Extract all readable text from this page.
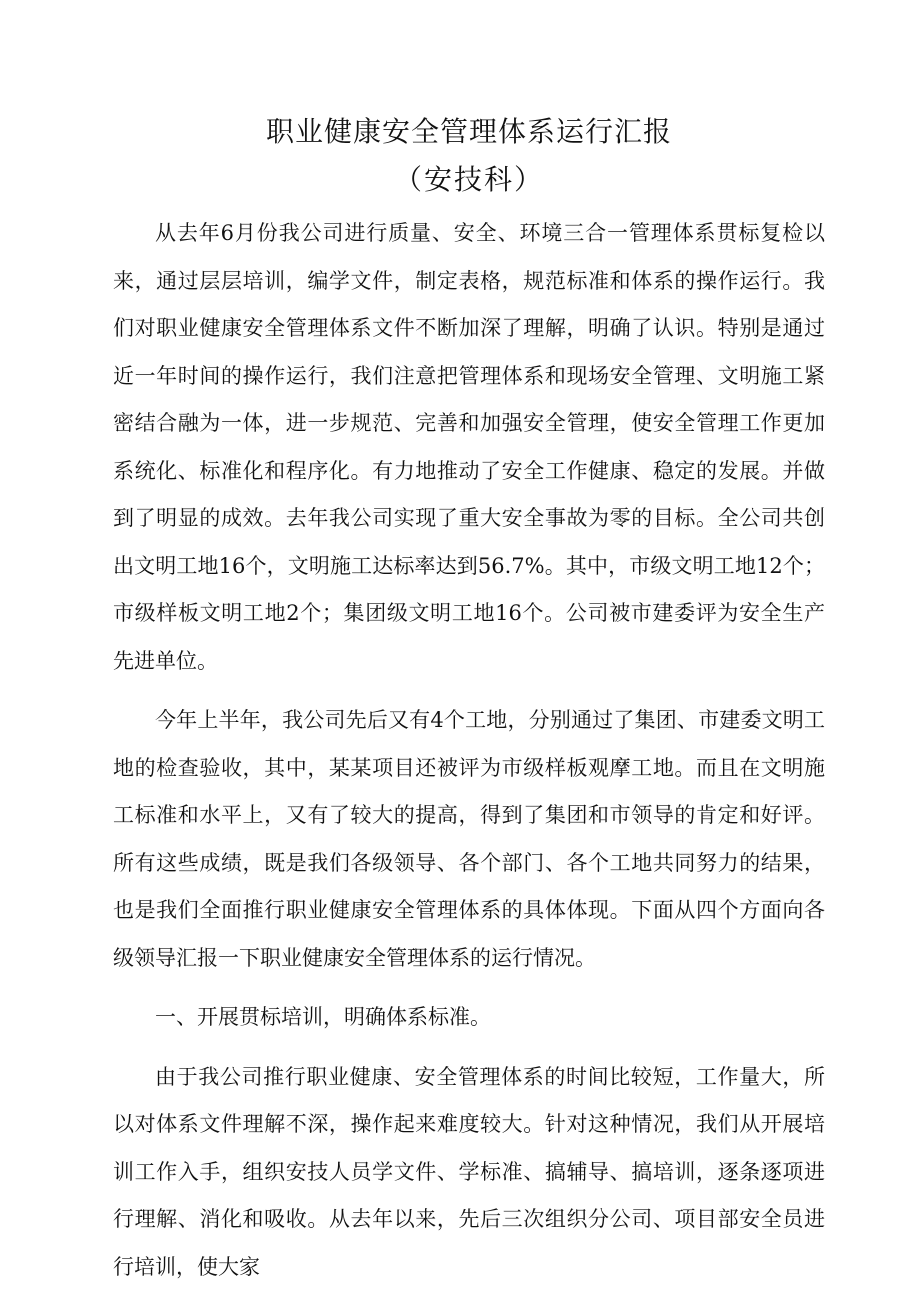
职业健康安全管理体系运行汇报
（安技科）

从去年6月份我公司进行质量、安全、环境三合一管理体系贯标复检以来，通过层层培训，编学文件，制定表格，规范标准和体系的操作运行。我们对职业健康安全管理体系文件不断加深了理解，明确了认识。特别是通过近一年时间的操作运行，我们注意把管理体系和现场安全管理、文明施工紧密结合融为一体，进一步规范、完善和加强安全管理，使安全管理工作更加系统化、标准化和程序化。有力地推动了安全工作健康、稳定的发展。并做到了明显的成效。去年我公司实现了重大安全事故为零的目标。全公司共创出文明工地16个，文明施工达标率达到56.7%。其中，市级文明工地12个；市级样板文明工地2个；集团级文明工地16个。公司被市建委评为安全生产先进单位。

今年上半年，我公司先后又有4个工地，分别通过了集团、市建委文明工地的检查验收，其中，某某项目还被评为市级样板观摩工地。而且在文明施工标准和水平上，又有了较大的提高，得到了集团和市领导的肯定和好评。所有这些成绩，既是我们各级领导、各个部门、各个工地共同努力的结果，也是我们全面推行职业健康安全管理体系的具体体现。下面从四个方面向各级领导汇报一下职业健康安全管理体系的运行情况。

一、开展贯标培训，明确体系标准。

由于我公司推行职业健康、安全管理体系的时间比较短，工作量大，所以对体系文件理解不深，操作起来难度较大。针对这种情况，我们从开展培训工作入手，组织安技人员学文件、学标准、搞辅导、搞培训，逐条逐项进行理解、消化和吸收。从去年以来，先后三次组织分公司、项目部安全员进行培训，使大家
